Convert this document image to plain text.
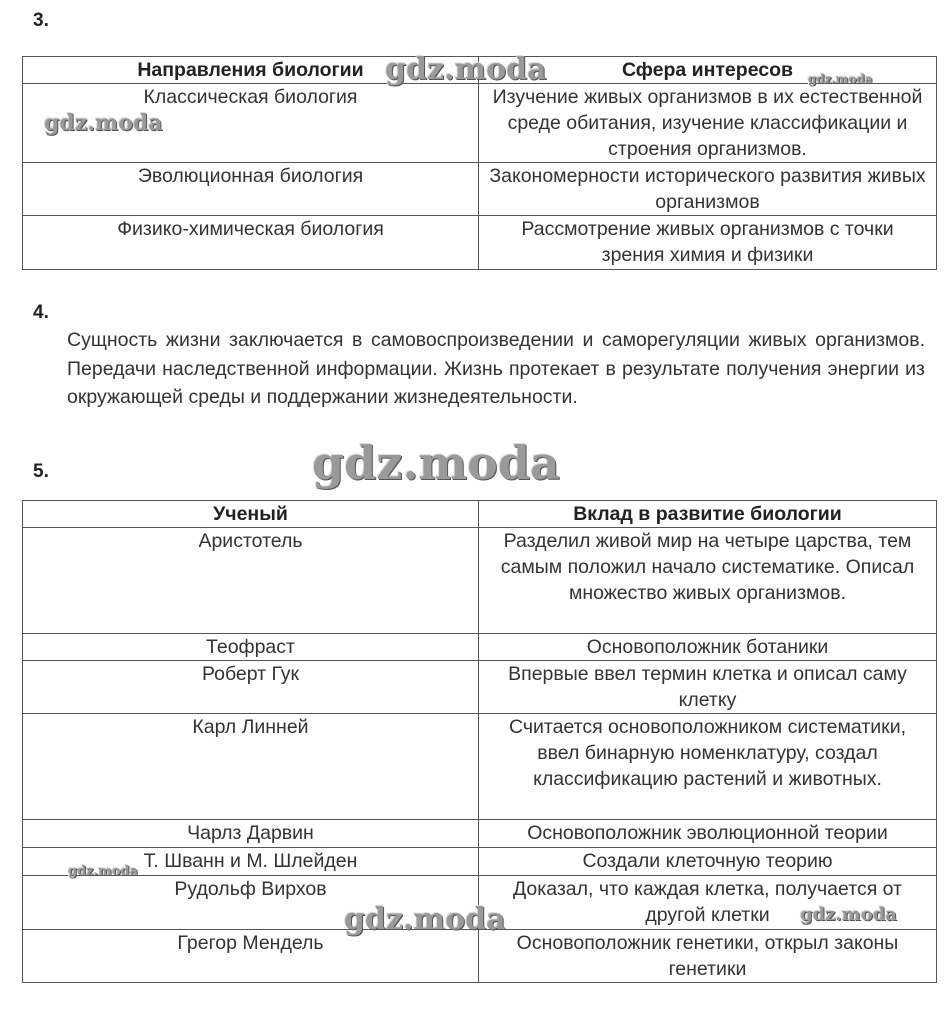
3.
Направления биологии	Сфера интересов
Классическая биология	Изучение живых организмов в их естественной среде обитания, изучение классификации и строения организмов.
Эволюционная биология	Закономерности исторического развития живых организмов
Физико-химическая биология	Рассмотрение живых организмов с точки зрения химия и физики
4.
Сущность жизни заключается в самовоспроизведении и саморегуляции живых организмов. Передачи наследственной информации. Жизнь протекает в результате получения энергии из окружающей среды и поддержании жизнедеятельности.
5.
Ученый	Вклад в развитие биологии
Аристотель	Разделил живой мир на четыре царства, тем самым положил начало систематике. Описал множество живых организмов.
Теофраст	Основоположник ботаники
Роберт Гук	Впервые ввел термин клетка и описал саму клетку
Карл Линней	Считается основоположником систематики, ввел бинарную номенклатуру, создал классификацию растений и животных.
Чарлз Дарвин	Основоположник эволюционной теории
Т. Шванн и М. Шлейден	Создали клеточную теорию
Рудольф Вирхов	Доказал, что каждая клетка, получается от другой клетки
Грегор Мендель	Основоположник генетики, открыл законы генетики
gdz.moda	gdz.moda
gdz.moda
gdz.moda
gdz.moda
gdz.moda	gdz.moda
